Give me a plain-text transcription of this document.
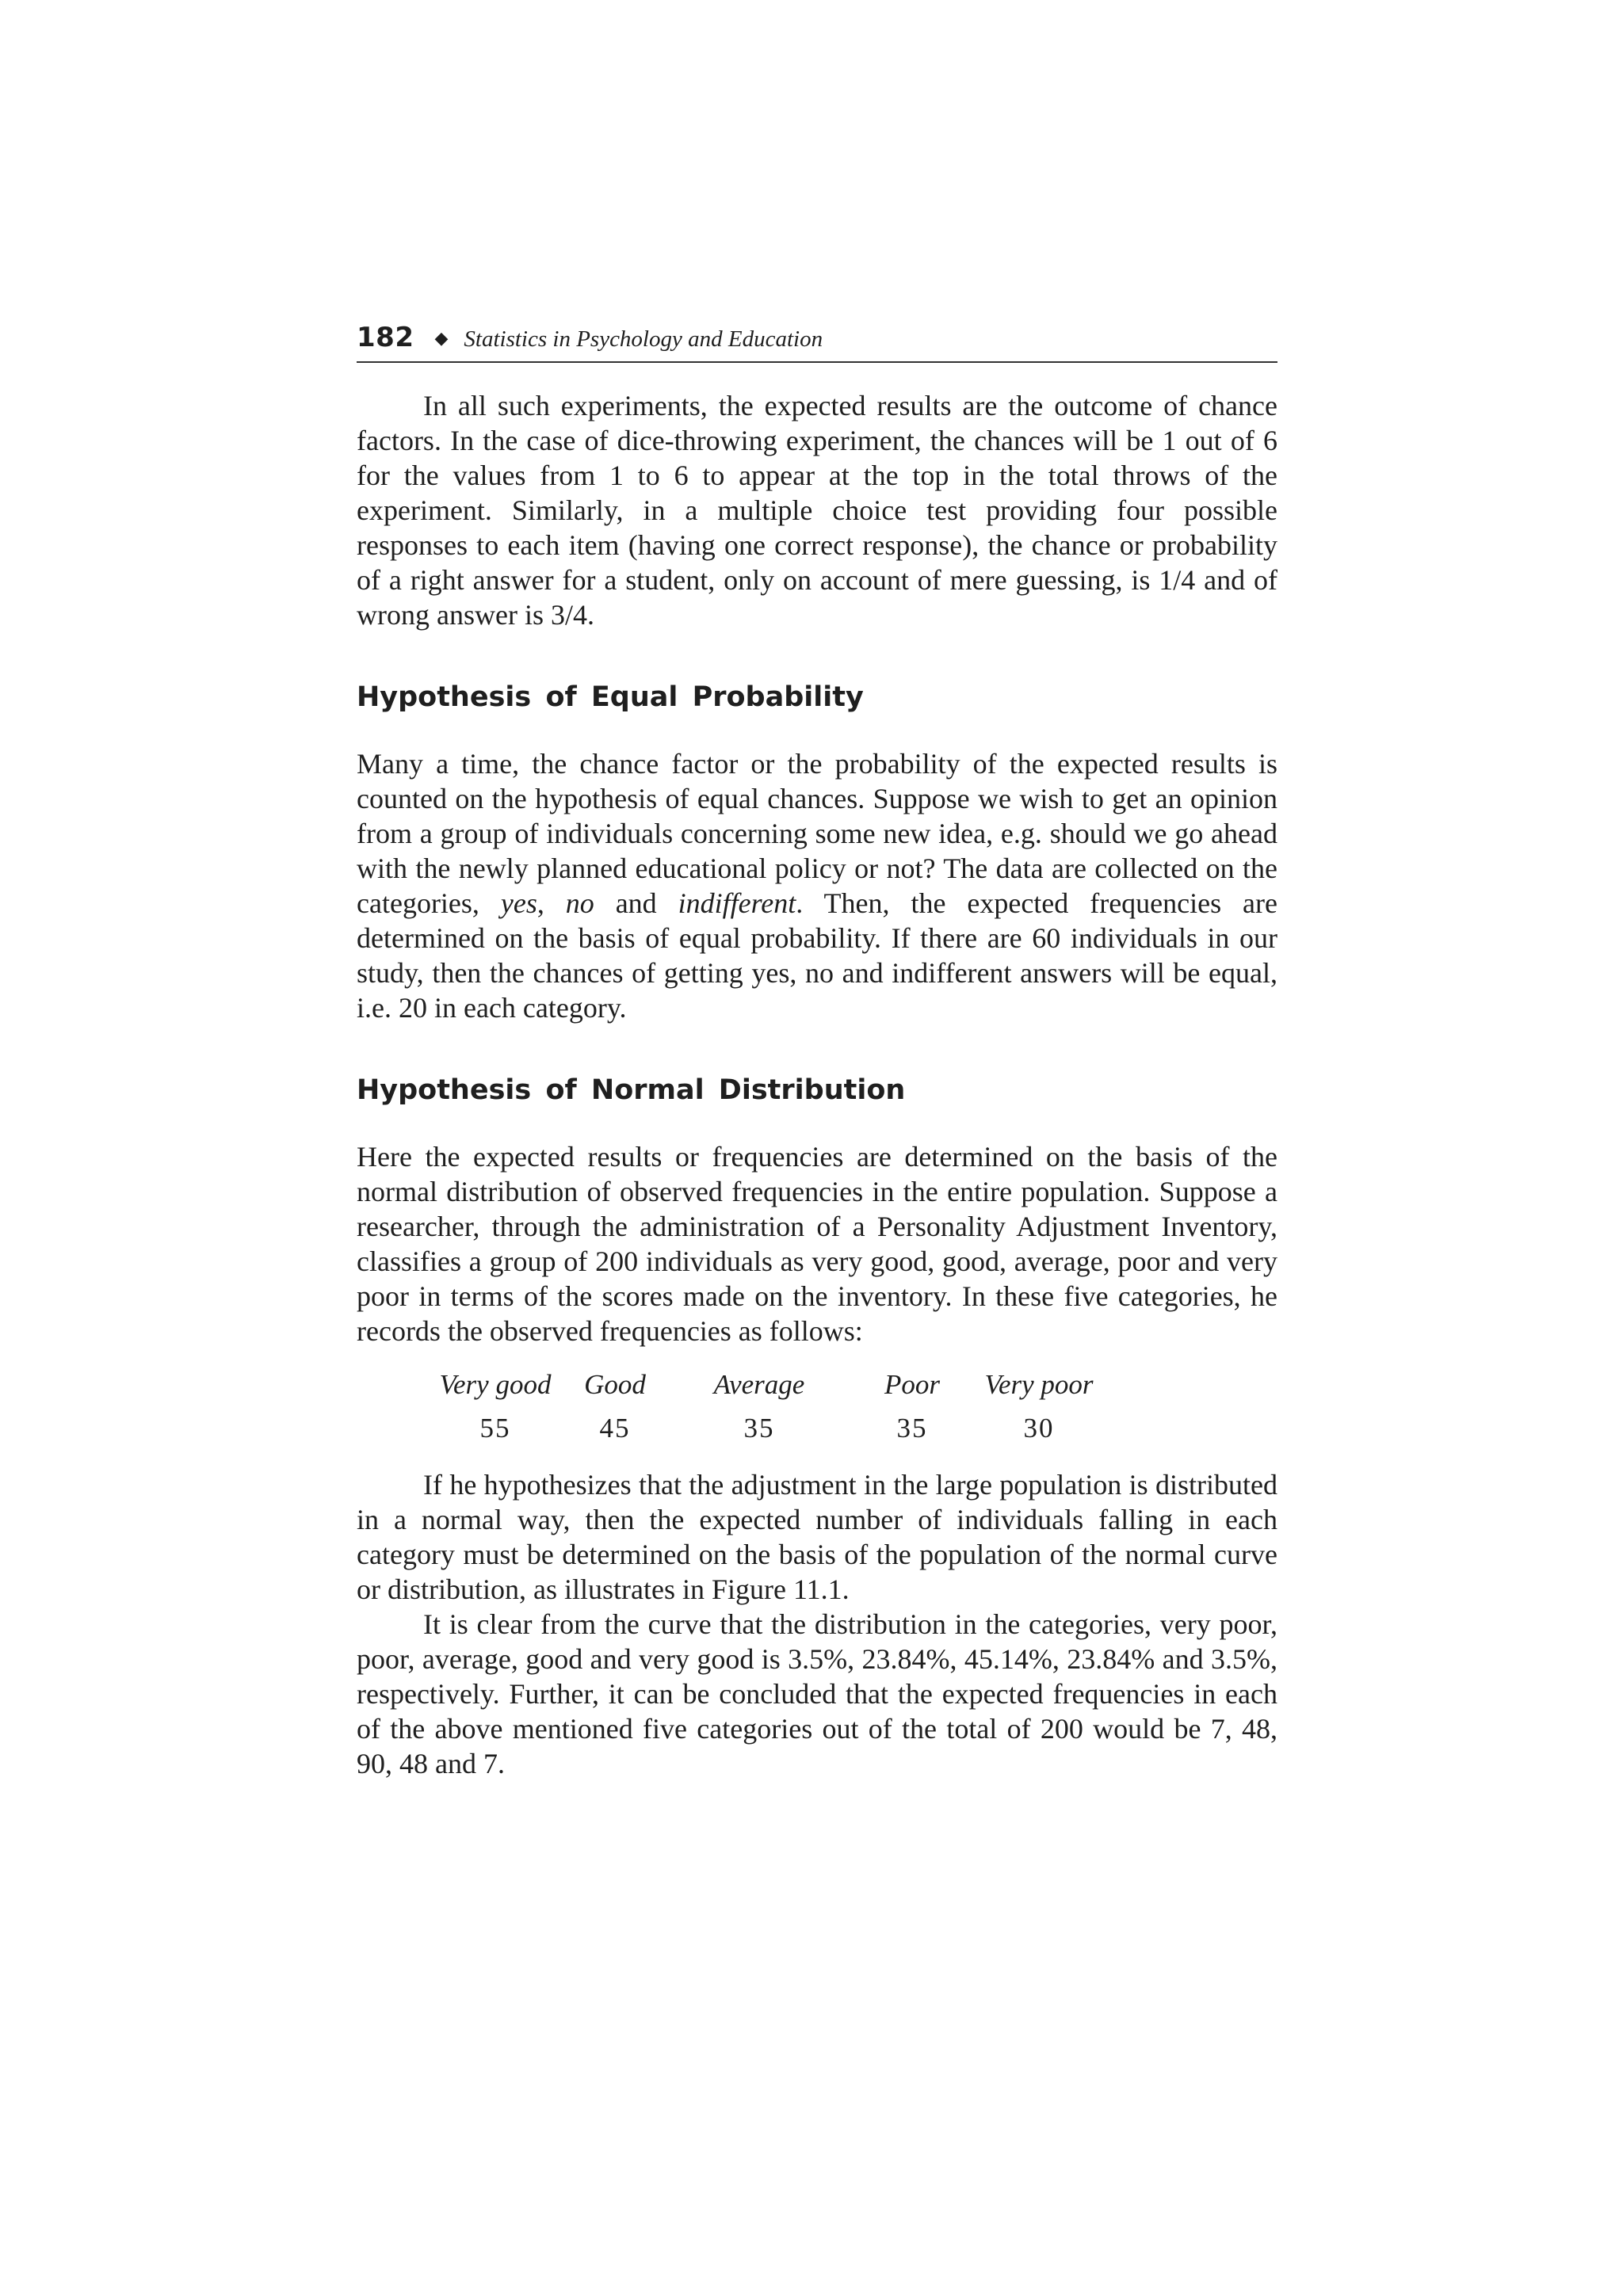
182 ◆ Statistics in Psychology and Education

In all such experiments, the expected results are the outcome of chance factors. In the case of dice-throwing experiment, the chances will be 1 out of 6 for the values from 1 to 6 to appear at the top in the total throws of the experiment. Similarly, in a multiple choice test providing four possible responses to each item (having one correct response), the chance or probability of a right answer for a student, only on account of mere guessing, is 1/4 and of wrong answer is 3/4.

Hypothesis of Equal Probability

Many a time, the chance factor or the probability of the expected results is counted on the hypothesis of equal chances. Suppose we wish to get an opinion from a group of individuals concerning some new idea, e.g. should we go ahead with the newly planned educational policy or not? The data are collected on the categories, yes, no and indifferent. Then, the expected frequencies are determined on the basis of equal probability. If there are 60 individuals in our study, then the chances of getting yes, no and indifferent answers will be equal, i.e. 20 in each category.

Hypothesis of Normal Distribution

Here the expected results or frequencies are determined on the basis of the normal distribution of observed frequencies in the entire population. Suppose a researcher, through the administration of a Personality Adjustment Inventory, classifies a group of 200 individuals as very good, good, average, poor and very poor in terms of the scores made on the inventory. In these five categories, he records the observed frequencies as follows:

Very good	Good	Average	Poor	Very poor
55	45	35	35	30

If he hypothesizes that the adjustment in the large population is distributed in a normal way, then the expected number of individuals falling in each category must be determined on the basis of the population of the normal curve or distribution, as illustrates in Figure 11.1.

It is clear from the curve that the distribution in the categories, very poor, poor, average, good and very good is 3.5%, 23.84%, 45.14%, 23.84% and 3.5%, respectively. Further, it can be concluded that the expected frequencies in each of the above mentioned five categories out of the total of 200 would be 7, 48, 90, 48 and 7.
